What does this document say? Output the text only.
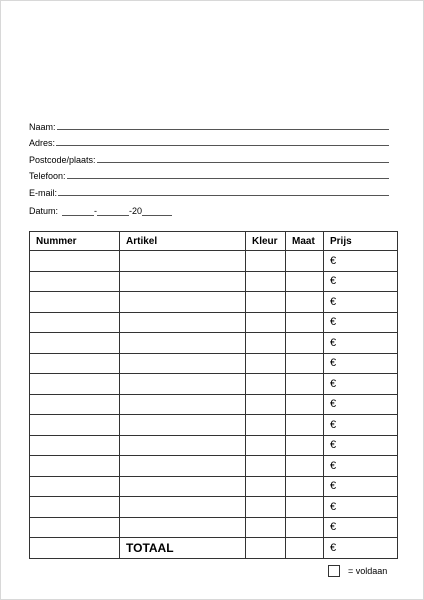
Naam:
Adres:
Postcode/plaats:
Telefoon:
E-mail:
Datum:	-	-20
Nummer	Artikel	Kleur	Maat	Prijs
				€
				€
				€
				€
				€
				€
				€
				€
				€
				€
				€
				€
				€
				€
	TOTAAL			€
= voldaan
